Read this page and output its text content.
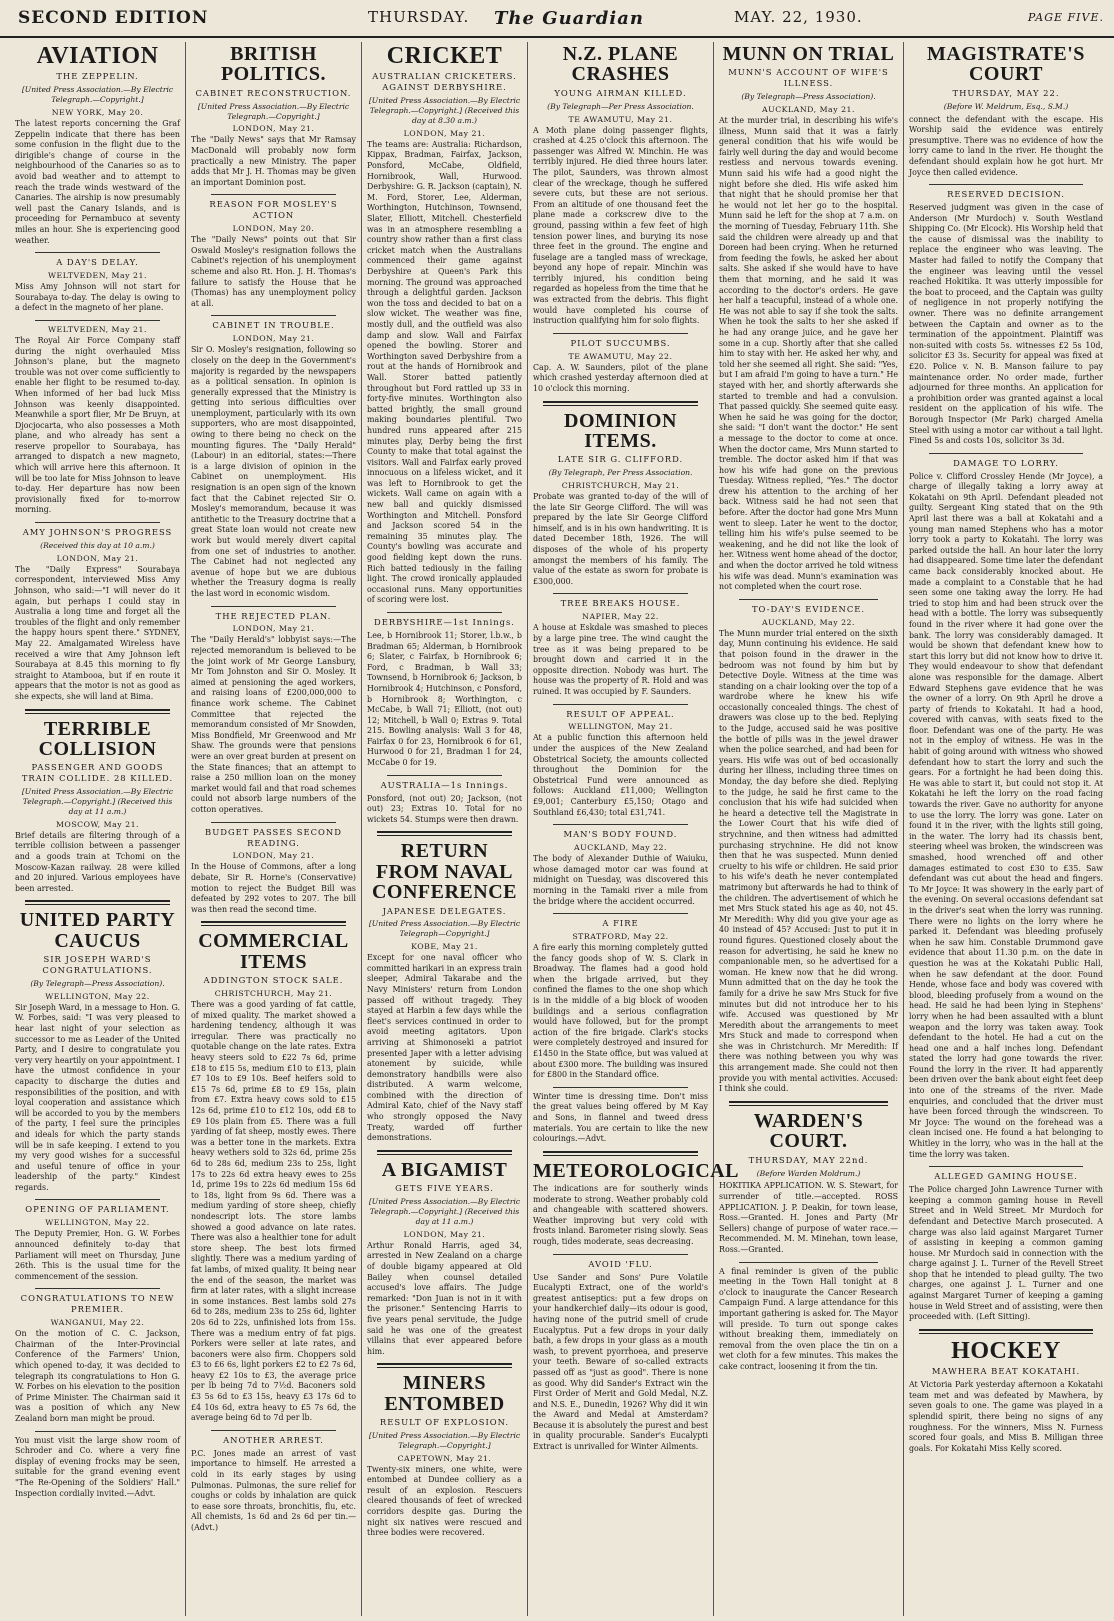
SECOND EDITION	THURSDAY. The Guardian	MAY. 22, 1930.	PAGE FIVE.
AVIATION
THE ZEPPELIN.
[United Press Association.—By Electric Telegraph.—Copyright.]
NEW YORK, May 20.
The latest reports concerning the Graf Zeppelin indicate that there has been some confusion in the flight due to the dirigible's change of course in the neighbourhood of the Canaries so as to avoid bad weather and to attempt to reach the trade winds westward of the Canaries. The airship is now presumably well past the Canary Islands, and is proceeding for Pernambuco at seventy miles an hour. She is experiencing good weather.
A DAY'S DELAY.
WELTVEDEN, May 21.
Miss Amy Johnson will not start for Sourabaya to-day. The delay is owing to a defect in the magneto of her plane.
WELTVEDEN, May 21.
The Royal Air Force Company staff during the night overhauled Miss Johnson's plane, but the magneto trouble was not over come sufficiently to enable her flight to be resumed to-day. When informed of her bad luck Miss Johnson was keenly disappointed. Meanwhile a sport flier, Mr De Bruyn, at Djocjocarta, who also possesses a Moth plane, and who already has sent a reserve propellor to Sourabaya, has arranged to dispatch a new magneto, which will arrive here this afternoon. It will be too late for Miss Johnson to leave to-day. Her departure has now been provisionally fixed for to-morrow morning.
AMY JOHNSON'S PROGRESS
(Received this day at 10 a.m.)
LONDON, May 21.
The "Daily Express" Sourabaya correspondent, interviewed Miss Amy Johnson, who said:—"I will never do it again, but perhaps I could stay in Australia a long time and forget all the troubles of the flight and only remember the happy hours spent there." SYDNEY, May 22. Amalgamated Wireless have received a wire that Amy Johnson left Sourabaya at 8.45 this morning to fly straight to Atambooa, but if en route it appears that the motor is not as good as she expects, she will land at Bima.
TERRIBLE COLLISION
PASSENGER AND GOODS TRAIN COLLIDE. 28 KILLED.
[United Press Association.—By Electric Telegraph.—Copyright.] (Received this day at 11 a.m.)
MOSCOW, May 21.
Brief details are filtering through of a terrible collision between a passenger and a goods train at Tchomi on the Moscow-Kazan railway. 28 were killed and 20 injured. Various employees have been arrested.
UNITED PARTY CAUCUS
SIR JOSEPH WARD'S CONGRATULATIONS.
(By Telegraph—Press Association).
WELLINGTON, May 22.
Sir Joseph Ward, in a message to Hon. G. W. Forbes, said: "I was very pleased to hear last night of your selection as successor to me as Leader of the United Party, and I desire to congratulate you very very heartily on your appointment. I have the utmost confidence in your capacity to discharge the duties and responsibilities of the position, and with loyal cooperation and assistance which will be accorded to you by the members of the party, I feel sure the principles and ideals for which the party stands will be in safe keeping. I extend to you my very good wishes for a successful and useful tenure of office in your leadership of the party." Kindest regards.
OPENING OF PARLIAMENT.
WELLINGTON, May 22.
The Deputy Premier, Hon. G. W. Forbes announced definitely to-day that Parliament will meet on Thursday, June 26th. This is the usual time for the commencement of the session.
CONGRATULATIONS TO NEW PREMIER.
WANGANUI, May 22.
On the motion of C. C. Jackson, Chairman of the Inter-Provincial Conference of the Farmers' Union, which opened to-day, it was decided to telegraph its congratulations to Hon G. W. Forbes on his elevation to the position of Prime Minister. The Chairman said it was a position of which any New Zealand born man might be proud.
You must visit the large show room of Schroder and Co. where a very fine display of evening frocks may be seen, suitable for the grand evening event "The Re-Opening of the Soldiers' Hall." Inspection cordially invited.—Advt.
BRITISH POLITICS.
CABINET RECONSTRUCTION.
[United Press Association.—By Electric Telegraph.—Copyright.]
LONDON, May 21.
The "Daily News" says that Mr Ramsay MacDonald will probably now form practically a new Ministry. The paper adds that Mr J. H. Thomas may be given an important Dominion post.
REASON FOR MOSLEY'S ACTION
LONDON, May 20.
The "Daily News" points out that Sir Oswald Mosley's resignation follows the Cabinet's rejection of his unemployment scheme and also Rt. Hon. J. H. Thomas's failure to satisfy the House that he (Thomas) has any unemployment policy at all.
CABINET IN TROUBLE.
LONDON, May 21.
Sir O. Mosley's resignation, following so closely on the deep in the Government's majority is regarded by the newspapers as a political sensation. In opinion is generally expressed that the Ministry is getting into serious difficulties over unemployment, particularly with its own supporters, who are most disappointed, owing to there being no check on the mounting figures. The "Daily Herald" (Labour) in an editorial, states:—There is a large division of opinion in the Cabinet on unemployment. His resignation is an open sign of the known fact that the Cabinet rejected Sir O. Mosley's memorandum, because it was antithetic to the Treasury doctrine that a great State loan would not create new work but would merely divert capital from one set of industries to another. The Cabinet had not neglected any avenue of hope but we are dubious whether the Treasury dogma is really the last word in economic wisdom.
THE REJECTED PLAN.
LONDON, May 21.
The "Daily Herald's" lobbyist says:—The rejected memorandum is believed to be the joint work of Mr George Lansbury, Mr Tom Johnston and Sir O. Mosley. It aimed at pensioning the aged workers, and raising loans of £200,000,000 to finance work scheme. The Cabinet Committee that rejected the memorandum consisted of Mr Snowden, Miss Bondfield, Mr Greenwood and Mr Shaw. The grounds were that pensions were an over great burden at present on the State finances; that an attempt to raise a 250 million loan on the money market would fail and that road schemes could not absorb large numbers of the cotton operatives.
BUDGET PASSES SECOND READING.
LONDON, May 21.
In the House of Commons, after a long debate, Sir R. Horne's (Conservative) motion to reject the Budget Bill was defeated by 292 votes to 207. The bill was then read the second time.
COMMERCIAL ITEMS
ADDINGTON STOCK SALE.
CHRISTCHURCH, May 21.
There was a good yarding of fat cattle, of mixed quality. The market showed a hardening tendency, although it was irregular. There was practically no quotable change on the late rates. Extra heavy steers sold to £22 7s 6d, prime £18 to £15 5s, medium £10 to £13, plain £7 10s to £9 10s. Beef heifers sold to £15 7s 6d, prime £8 to £9 15s, plain from £7. Extra heavy cows sold to £15 12s 6d, prime £10 to £12 10s, odd £8 to £9 10s plain from £5. There was a full yarding of fat sheep, mostly ewes. There was a better tone in the markets. Extra heavy wethers sold to 32s 6d, prime 25s 6d to 28s 6d, medium 23s to 25s, light 17s to 22s 6d extra heavy ewes to 25s 1d, prime 19s to 22s 6d medium 15s 6d to 18s, light from 9s 6d. There was a medium yarding of store sheep, chiefly nondescript lots. The store lambs showed a good advance on late rates. There was also a healthier tone for adult store sheep. The best lots firmed slightly. There was a medium yarding of fat lambs, of mixed quality. It being near the end of the season, the market was firm at later rates, with a slight increase in some instances. Best lambs sold 27s 6d to 28s, medium 23s to 25s 6d, lighter 20s 6d to 22s, unfinished lots from 15s. There was a medium entry of fat pigs. Porkers were seller at late rates, and baconers were also firm. Choppers sold £3 to £6 6s, light porkers £2 to £2 7s 6d, heavy £2 10s to £3, the average price per lb being 7d to 7½d. Baconers sold £3 5s 6d to £3 15s, heavy £3 17s 6d to £4 10s 6d, extra heavy to £5 7s 6d, the average being 6d to 7d per lb.
ANOTHER ARREST.
P.C. Jones made an arrest of vast importance to himself. He arrested a cold in its early stages by using Pulmonas. Pulmonas, the sure relief for coughs or colds by inhalation are quick to ease sore throats, bronchitis, flu, etc. All chemists, 1s 6d and 2s 6d per tin.—(Advt.)
CRICKET
AUSTRALIAN CRICKETERS. AGAINST DERBYSHIRE.
[United Press Association.—By Electric Telegraph.—Copyright.] (Received this day at 8.30 a.m.)
LONDON, May 21.
The teams are: Australia: Richardson, Kippax, Bradman, Fairfax, Jackson, Ponsford, McCabe, Oldfield, Hornibrook, Wall, Hurwood. Derbyshire: G. R. Jackson (captain), N. M. Ford, Storer, Lee, Alderman, Worthington, Hutchinson, Townsend, Slater, Elliott, Mitchell. Chesterfield was in an atmosphere resembling a country show rather than a first class cricket match when the Australians commenced their game against Derbyshire at Queen's Park this morning. The ground was approached through a delightful garden. Jackson won the toss and decided to bat on a slow wicket. The weather was fine, mostly dull, and the outfield was also damp and slow. Wall and Fairfax opened the bowling. Storer and Worthington saved Derbyshire from a rout at the hands of Hornibrook and Wall. Storer batted patiently throughout but Ford rattled up 33 in forty-five minutes. Worthington also batted brightly, the small ground making boundaries plentiful. Two hundred runs appeared after 215 minutes play, Derby being the first County to make that total against the visitors. Wall and Fairfax early proved innocuous on a lifeless wicket, and it was left to Hornibrook to get the wickets. Wall came on again with a new ball and quickly dismissed Worthington and Mitchell. Ponsford and Jackson scored 54 in the remaining 35 minutes play. The County's bowling was accurate and good fielding kept down the runs. Rich batted tediously in the failing light. The crowd ironically applauded occasional runs. Many opportunities of scoring were lost.
DERBYSHIRE—1st Innings.
Lee, b Hornibrook 11; Storer, l.b.w., b Bradman 65; Alderman, b Hornibrook 6; Slater, c Fairfax, b Hornibrook 6; Ford, c Bradman, b Wall 33; Townsend, b Hornibrook 6; Jackson, b Hornibrook 4; Hutchinson, c Ponsford, b Hornibrook 8; Worthington, c McCabe, b Wall 71; Elliott, (not out) 12; Mitchell, b Wall 0; Extras 9. Total 215. Bowling analysis: Wall 3 for 48, Fairfax 0 for 23, Hornibrook 6 for 61, Hurwood 0 for 21, Bradman 1 for 24, McCabe 0 for 19.
AUSTRALIA—1s Innings.
Ponsford, (not out) 20; Jackson, (not out) 23; Extras 10. Total for no wickets 54. Stumps were then drawn.
RETURN FROM NAVAL CONFERENCE
JAPANESE DELEGATES.
[United Press Association.—By Electric Telegraph—Copyright.]
KOBE, May 21.
Except for one naval officer who committed harikari in an express train sleeper, Admiral Takarabe and the Navy Ministers' return from London passed off without tragedy. They stayed at Harbin a few days while the fleet's services continued in order to avoid meeting agitators. Upon arriving at Shimonoseki a patriot presented Japer with a letter advising atonement by suicide, while demonstratory handbills were also distributed. A warm welcome, combined with the direction of Admiral Kato, chief of the Navy staff who strongly opposed the Navy Treaty, warded off further demonstrations.
A BIGAMIST
GETS FIVE YEARS.
[United Press Association.—By Electric Telegraph.—Copyright.] (Received this day at 11 a.m.)
LONDON, May 21.
Arthur Ronald Harris, aged 34, arrested in New Zealand on a charge of double bigamy appeared at Old Bailey when counsel detailed accused's love affairs. The Judge remarked: "Don Juan is not in it with the prisoner." Sentencing Harris to five years penal servitude, the Judge said he was one of the greatest villains that ever appeared before him.
MINERS ENTOMBED
RESULT OF EXPLOSION.
[United Press Association.—By Electric Telegraph.—Copyright.]
CAPETOWN, May 21.
Twenty-six miners, one white, were entombed at Dundee colliery as a result of an explosion. Rescuers cleared thousands of feet of wrecked corridors despite gas. During the night six natives were rescued and three bodies were recovered.
N.Z. PLANE CRASHES
YOUNG AIRMAN KILLED.
(By Telegraph—Per Press Association.
TE AWAMUTU, May 21.
A Moth plane doing passenger flights, crashed at 4.25 o'clock this afternoon. The passenger was Alfred W. Minchin. He was terribly injured. He died three hours later. The pilot, Saunders, was thrown almost clear of the wreckage, though he suffered severe cuts, but these are not serious. From an altitude of one thousand feet the plane made a corkscrew dive to the ground, passing within a few feet of high tension power lines, and burying its nose three feet in the ground. The engine and fuselage are a tangled mass of wreckage, beyond any hope of repair. Minchin was terribly injured, his condition being regarded as hopeless from the time that he was extracted from the debris. This flight would have completed his course of instruction qualifying him for solo flights.
PILOT SUCCUMBS.
TE AWAMUTU, May 22.
Cap. A. W. Saunders, pilot of the plane which crashed yesterday afternoon died at 10 o'clock this morning.
DOMINION ITEMS.
LATE SIR G. CLIFFORD.
(By Telegraph, Per Press Association.
CHRISTCHURCH, May 21.
Probate was granted to-day of the will of the late Sir George Clifford. The will was prepared by the late Sir George Clifford himself, and is in his own handwriting. It is dated December 18th, 1926. The will disposes of the whole of his property amongst the members of his family. The value of the estate as sworn for probate is £300,000.
TREE BREAKS HOUSE.
NAPIER, May 22.
A house at Eskdale was smashed to pieces by a large pine tree. The wind caught the tree as it was being prepared to be brought down and carried it in the opposite direction. Nobody was hurt. The house was the property of R. Hold and was ruined. It was occupied by F. Saunders.
RESULT OF APPEAL.
WELLINGTON, May 21.
At a public function this afternoon held under the auspices of the New Zealand Obstetrical Society, the amounts collected throughout the Dominion for the Obstetrical Fund were announced as follows: Auckland £11,000; Wellington £9,001; Canterbury £5,150; Otago and Southland £6,430; total £31,741.
MAN'S BODY FOUND.
AUCKLAND, May 22.
The body of Alexander Duthie of Waiuku, whose damaged motor car was found at midnight on Tuesday, was discovered this morning in the Tamaki river a mile from the bridge where the accident occurred.
A FIRE
STRATFORD, May 22.
A fire early this morning completely gutted the fancy goods shop of W. S. Clark in Broadway. The flames had a good hold when the brigade arrived, but they confined the flames to the one shop which is in the middle of a big block of wooden buildings and a serious conflagration would have followed, but for the prompt action of the fire brigade. Clark's stocks were completely destroyed and insured for £1450 in the State office, but was valued at about £300 more. The building was insured for £800 in the Standard office.
Winter time is dressing time. Don't miss the great values being offered by M Kay and Sons, in flannel and tweed dress materials. You are certain to like the new colourings.—Advt.
METEOROLOGICAL
The indications are for southerly winds moderate to strong. Weather probably cold and changeable with scattered showers. Weather improving but very cold with frosts inland. Barometer rising slowly. Seas rough, tides moderate, seas decreasing.
AVOID 'FLU.
Use Sander and Sons' Pure Volatile Eucalypti Extract, one of the world's greatest antiseptics: put a few drops on your handkerchief daily—its odour is good, having none of the putrid smell of crude Eucalyptus. Put a few drops in your daily bath, a few drops in your glass as a mouth wash, to prevent pyorrhoea, and preserve your teeth. Beware of so-called extracts passed off as "just as good". There is none as good. Why did Sander's Extract win the First Order of Merit and Gold Medal, N.Z. and N.S. E., Dunedin, 1926? Why did it win the Award and Medal at Amsterdam? Because it is absolutely the purest and best in quality procurable. Sander's Eucalypti Extract is unrivalled for Winter Ailments.
MUNN ON TRIAL
MUNN'S ACCOUNT OF WIFE'S ILLNESS.
(By Telegraph—Press Association).
AUCKLAND, May 21.
At the murder trial, in describing his wife's illness, Munn said that it was a fairly general condition that his wife would be fairly well during the day and would become restless and nervous towards evening. Munn said his wife had a good night the night before she died. His wife asked him that night that he should promise her that he would not let her go to the hospital. Munn said he left for the shop at 7 a.m. on the morning of Tuesday, February 11th. She said the children were already up and that Doreen had been crying. When he returned from feeding the fowls, he asked her about salts. She asked if she would have to have them that morning, and he said it was according to the doctor's orders. He gave her half a teacupful, instead of a whole one. He was not able to say if she took the salts. When he took the salts to her she asked if he had any orange juice, and he gave her some in a cup. Shortly after that she called him to stay with her. He asked her why, and told her she seemed all right. She said: "Yes, but I am afraid I'm going to have a turn." He stayed with her, and shortly afterwards she started to tremble and had a convulsion. That passed quickly. She seemed quite easy. When he said he was going for the doctor, she said: "I don't want the doctor." He sent a message to the doctor to come at once. When the doctor came, Mrs Munn started to tremble. The doctor asked him if that was how his wife had gone on the previous Tuesday. Witness replied, "Yes." The doctor drew his attention to the arching of her back. Witness said he had not seen that before. After the doctor had gone Mrs Munn went to sleep. Later he went to the doctor, telling him his wife's pulse seemed to be weakening, and he did not like the look of her. Witness went home ahead of the doctor, and when the doctor arrived he told witness his wife was dead. Munn's examination was not completed when the court rose.
TO-DAY'S EVIDENCE.
AUCKLAND, May 22.
The Munn murder trial entered on the sixth day, Munn continuing his evidence. He said that poison found in the drawer in the bedroom was not found by him but by Detective Doyle. Witness at the time was standing on a chair looking over the top of a wardrobe where he knew his wife occasionally concealed things. The chest of drawers was close up to the bed. Replying to the Judge, accused said he was positive the bottle of pills was in the jewel drawer when the police searched, and had been for years. His wife was out of bed occasionally during her illness, including three times on Monday, the day before she died. Replying to the judge, he said he first came to the conclusion that his wife had suicided when he heard a detective tell the Magistrate in the Lower Court that his wife died of strychnine, and then witness had admitted purchasing strychnine. He did not know then that he was suspected. Munn denied cruelty to his wife or children. He said prior to his wife's death he never contemplated matrimony but afterwards he had to think of the children. The advertisement of which he met Mrs Stuck stated his age as 40, not 45. Mr Meredith: Why did you give your age as 40 instead of 45? Accused: Just to put it in round figures. Questioned closely about the reason for advertising, he said he knew no companionable men, so he advertised for a woman. He knew now that he did wrong. Munn admitted that on the day he took the family for a drive he saw Mrs Stuck for five minutes but did not introduce her to his wife. Accused was questioned by Mr Meredith about the arrangements to meet Mrs Stuck and made to correspond when she was in Christchurch. Mr Meredith: If there was nothing between you why was this arrangement made. She could not then provide you with mental activities. Accused: I think she could.
WARDEN'S COURT.
THURSDAY, MAY 22nd.
(Before Warden Moldrum.)
HOKITIKA APPLICATION. W. S. Stewart, for surrender of title.—accepted. ROSS APPLICATION. J. P. Deakin, for town lease, Ross.—Granted. H. Jones and Party (Mr Sellers) change of purpose of water race.—Recommended. M. M. Minehan, town lease, Ross.—Granted.
A final reminder is given of the public meeting in the Town Hall tonight at 8 o'clock to inaugurate the Cancer Research Campaign Fund. A large attendance for this important gathering is asked for. The Mayor will preside. To turn out sponge cakes without breaking them, immediately on removal from the oven place the tin on a wet cloth for a few minutes. This makes the cake contract, loosening it from the tin.
MAGISTRATE'S COURT
THURSDAY, MAY 22.
(Before W. Meldrum, Esq., S.M.)
connect the defendant with the escape. His Worship said the evidence was entirely presumptive. There was no evidence of how the lorry came to land in the river. He thought the defendant should explain how he got hurt. Mr Joyce then called evidence.
RESERVED DECISION.
Reserved judgment was given in the case of Anderson (Mr Murdoch) v. South Westland Shipping Co. (Mr Elcock). His Worship held that the cause of dismissal was the inability to replace the engineer who was leaving. The Master had failed to notify the Company that the engineer was leaving until the vessel reached Hokitika. It was utterly impossible for the boat to proceed, and the Captain was guilty of negligence in not properly notifying the owner. There was no definite arrangement between the Captain and owner as to the termination of the appointment. Plaintiff was non-suited with costs 5s. witnesses £2 5s 10d, solicitor £3 3s. Security for appeal was fixed at £20. Police v. N. B. Manson failure to pay maintenance order. No order made, further adjourned for three months. An application for a prohibition order was granted against a local resident on the application of his wife. The Borough Inspector (Mr Park) charged Amelia Steel with using a motor car without a tail light. Fined 5s and costs 10s, solicitor 3s 3d.
DAMAGE TO LORRY.
Police v. Clifford Crossley Hende (Mr Joyce), a charge of illegally taking a lorry away at Kokatahi on 9th April. Defendant pleaded not guilty. Sergeant King stated that on the 9th April last there was a ball at Kokatahi and a young man named Stephens who has a motor lorry took a party to Kokatahi. The lorry was parked outside the hall. An hour later the lorry had disappeared. Some time later the defendant came back considerably knocked about. He made a complaint to a Constable that he had seen some one taking away the lorry. He had tried to stop him and had been struck over the head with a bottle. The lorry was subsequently found in the river where it had gone over the bank. The lorry was considerably damaged. It would be shown that defendant knew how to start this lorry but did not know how to drive it. They would endeavour to show that defendant alone was responsible for the damage. Albert Edward Stephens gave evidence that he was the owner of a lorry. On 9th April he drove a party of friends to Kokatahi. It had a hood, covered with canvas, with seats fixed to the floor. Defendant was one of the party. He was not in the employ of witness. He was in the habit of going around with witness who showed defendant how to start the lorry and such the gears. For a fortnight he had been doing this. He was able to start it, but could not stop it. At Kokatahi he left the lorry on the road facing towards the river. Gave no authority for anyone to use the lorry. The lorry was gone. Later on found it in the river, with the lights still going, in the water. The lorry had its chassis bent, steering wheel was broken, the windscreen was smashed, hood wrenched off and other damages estimated to cost £30 to £35. Saw defendant was cut about the head and fingers. To Mr Joyce: It was showery in the early part of the evening. On several occasions defendant sat in the driver's seat when the lorry was running. There were no lights on the lorry where he parked it. Defendant was bleeding profusely when he saw him. Constable Drummond gave evidence that about 11.30 p.m. on the date in question he was at the Kokatahi Public Hall, when he saw defendant at the door. Found Hende, whose face and body was covered with blood, bleeding profusely from a wound on the head. He said he had been lying in Stephens' lorry when he had been assaulted with a blunt weapon and the lorry was taken away. Took defendant to the hotel. He had a cut on the head one and a half inches long. Defendant stated the lorry had gone towards the river. Found the lorry in the river. It had apparently been driven over the bank about eight feet deep into one of the streams of the river. Made enquiries, and concluded that the driver must have been forced through the windscreen. To Mr Joyce: The wound on the forehead was a clean incised one. He found a hat belonging to Whitley in the lorry, who was in the hall at the time the lorry was taken.
ALLEGED GAMING HOUSE.
The Police charged John Lawrence Turner with keeping a common gaming house in Revell Street and in Weld Street. Mr Murdoch for defendant and Detective March prosecuted. A charge was also laid against Margaret Turner of assisting in keeping a common gaming house. Mr Murdoch said in connection with the charge against J. L. Turner of the Revell Street shop that he intended to plead guilty. The two charges, one against J. L. Turner and one against Margaret Turner of keeping a gaming house in Weld Street and of assisting, were then proceeded with. (Left Sitting).
HOCKEY
MAWHERA BEAT KOKATAHI.
At Victoria Park yesterday afternoon a Kokatahi team met and was defeated by Mawhera, by seven goals to one. The game was played in a splendid spirit, there being no signs of any roughness. For the winners, Miss N. Furness scored four goals, and Miss B. Milligan three goals. For Kokatahi Miss Kelly scored.
